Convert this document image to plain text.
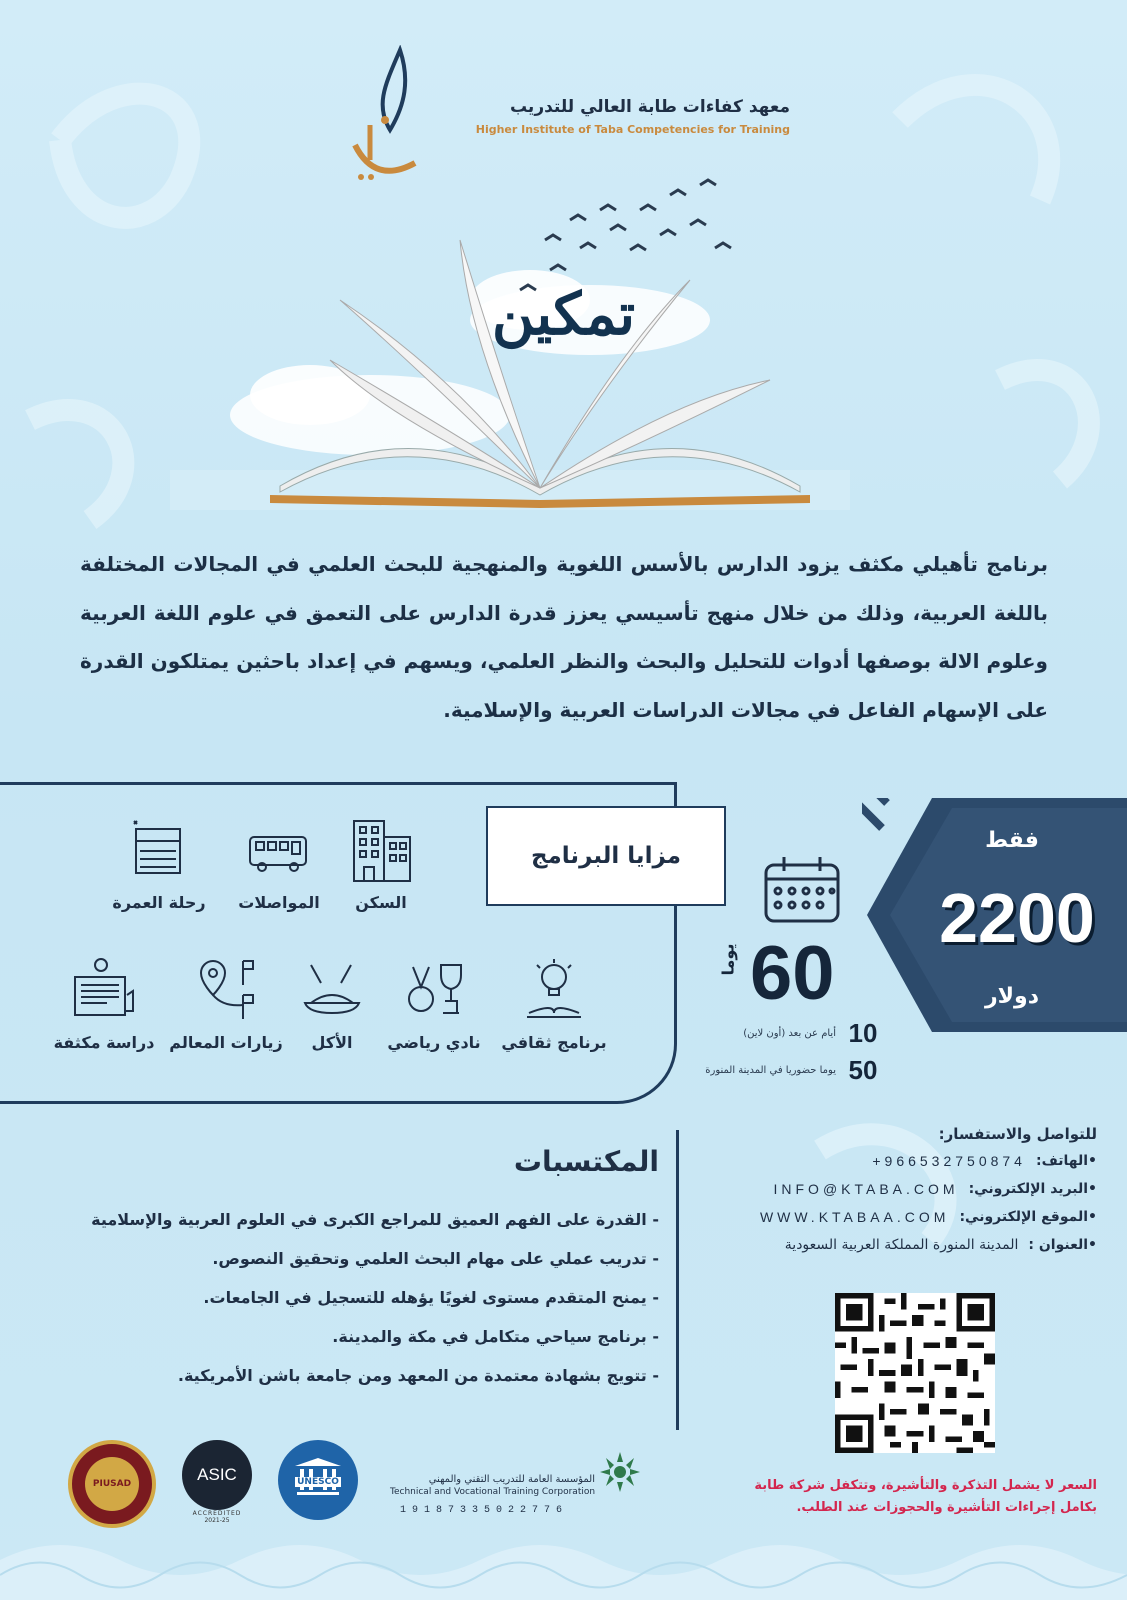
معهد كفاءات طابة العالي للتدريب
Higher Institute of Taba Competencies for Training
تمكين
برنامج تأهيلي مكثف يزود الدارس بالأسس اللغوية والمنهجية للبحث العلمي في المجالات المختلفة باللغة العربية، وذلك من خلال منهج تأسيسي يعزز قدرة الدارس على التعمق في علوم اللغة العربية وعلوم الالة بوصفها أدوات للتحليل والبحث والنظر العلمي، ويسهم في إعداد باحثين يمتلكون القدرة على الإسهام الفاعل في مجالات الدراسات العربية والإسلامية.
مزايا البرنامج
السكن
المواصلات
رحلة العمرة
برنامج ثقافي
نادي رياضي
الأكل
زيارات المعالم
دراسة مكثفة
فقط
2200
دولار
60
يوما
أيام عن بعد (أون لاين) 10
يوما حضوريا في المدينة المنورة 50
المكتسبات
- القدرة على الفهم العميق للمراجع الكبرى في العلوم العربية والإسلامية
- تدريب عملي على مهام البحث العلمي وتحقيق النصوص.
- يمنح المتقدم مستوى لغويًا يؤهله للتسجيل في الجامعات.
- برنامج سياحي متكامل في مكة والمدينة.
- تتويج بشهادة معتمدة من المعهد ومن جامعة باشن الأمريكية.
للتواصل والاستفسار:
•الهاتف:
+966532750874
•البريد الإلكتروني:
INFO@KTABA.COM
•الموقع الإلكتروني:
WWW.KTABAA.COM
•العنوان :
المدينة المنورة المملكة العربية السعودية
السعر لا يشمل التذكرة والتأشيرة، وتتكفل شركة طابة
بكامل إجراءات التأشيرة والحجوزات عند الطلب.
المؤسسة العامة للتدريب التقني والمهني
Technical and Vocational Training Corporation
19187335022776
UNESCO
ASIC
ACCREDITED
2021-25
PIUSAD
